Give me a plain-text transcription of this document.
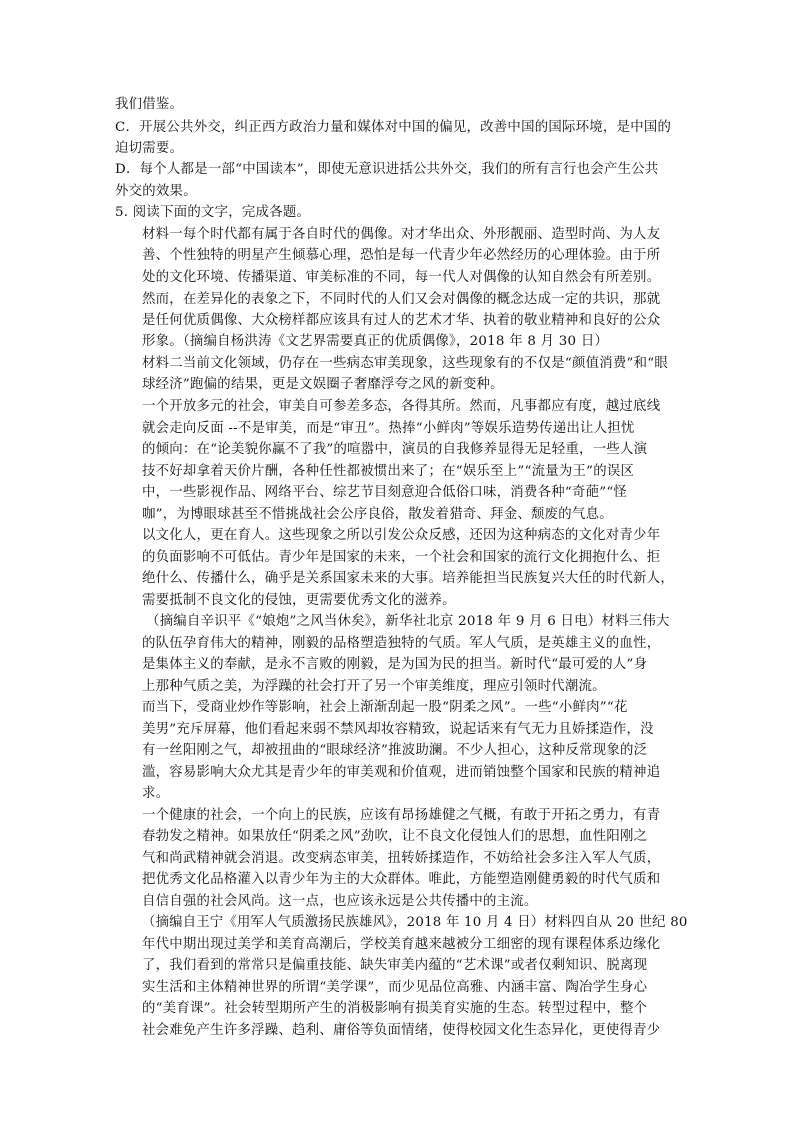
我们借鉴。
C．开展公共外交，纠正西方政治力量和媒体对中国的偏见，改善中国的国际环境，是中国的
迫切需要。
D．每个人都是一部“中国读本”，即使无意识进括公共外交，我们的所有言行也会产生公共
外交的效果。
5. 阅读下面的文字，完成各题。
材料一每个时代都有属于各自时代的偶像。对才华出众、外形靓丽、造型时尚、为人友
善、个性独特的明星产生倾慕心理，恐怕是每一代青少年必然经历的心理体验。由于所
处的文化环境、传播渠道、审美标准的不同，每一代人对偶像的认知自然会有所差别。
然而，在差异化的表象之下，不同时代的人们又会对偶像的概念达成一定的共识，那就
是任何优质偶像、大众榜样都应该具有过人的艺术才华、执着的敬业精神和良好的公众
形象。（摘编自杨洪涛《文艺界需要真正的优质偶像》，2018 年 8 月 30 日）
材料二当前文化领域，仍存在一些病态审美现象，这些现象有的不仅是“颜值消费”和“眼
球经济”跑偏的结果，更是文娱圈子奢靡浮夸之风的新变种。
一个开放多元的社会，审美自可参差多态，各得其所。然而，凡事都应有度，越过底线
就会走向反面 --不是审美，而是“审丑”。热捧“小鲜肉”等娱乐造势传递出让人担忧
的倾向：在“论美貌你赢不了我”的喧嚣中，演员的自我修养显得无足轻重，一些人演
技不好却拿着天价片酬，各种任性都被惯出来了；在“娱乐至上”“流量为王”的误区
中，一些影视作品、网络平台、综艺节目刻意迎合低俗口味，消费各种“奇葩”“怪
咖”，为博眼球甚至不惜挑战社会公序良俗，散发着猎奇、拜金、颓废的气息。
以文化人，更在育人。这些现象之所以引发公众反感，还因为这种病态的文化对青少年
的负面影响不可低估。青少年是国家的未来，一个社会和国家的流行文化拥抱什么、拒
绝什么、传播什么，确乎是关系国家未来的大事。培养能担当民族复兴大任的时代新人，
需要抵制不良文化的侵蚀，更需要优秀文化的滋养。
（摘编自辛识平《“娘炮”之风当休矣》，新华社北京 2018 年 9 月 6 日电）材料三伟大
的队伍孕育伟大的精神，刚毅的品格塑造独特的气质。军人气质，是英雄主义的血性，
是集体主义的奉献，是永不言败的刚毅，是为国为民的担当。新时代“最可爱的人”身
上那种气质之美，为浮躁的社会打开了另一个审美维度，理应引领时代潮流。
而当下，受商业炒作等影响，社会上渐渐刮起一股“阴柔之风”。一些“小鲜肉”“花
美男”充斥屏幕，他们看起来弱不禁风却妆容精致，说起话来有气无力且娇揉造作，没
有一丝阳刚之气，却被扭曲的“眼球经济”推波助澜。不少人担心，这种反常现象的泛
滥，容易影响大众尤其是青少年的审美观和价值观，进而销蚀整个国家和民族的精神追
求。
一个健康的社会，一个向上的民族，应该有昂扬雄健之气概，有敢于开拓之勇力，有青
春勃发之精神。如果放任“阴柔之风”劲吹，让不良文化侵蚀人们的思想，血性阳刚之
气和尚武精神就会消退。改变病态审美，扭转娇揉造作，不妨给社会多注入军人气质，
把优秀文化品格灌入以青少年为主的大众群体。唯此，方能塑造刚健勇毅的时代气质和
自信自强的社会风尚。这一点，也应该永远是公共传播中的主流。
（摘编自王宁《用军人气质激扬民族雄风》，2018 年 10 月 4 日）材料四自从 20 世纪 80
年代中期出现过美学和美育高潮后，学校美育越来越被分工细密的现有课程体系边缘化
了，我们看到的常常只是偏重技能、缺失审美内蕴的“艺术课”或者仅剩知识、脱离现
实生活和主体精神世界的所谓“美学课”，而少见品位高雅、内涵丰富、陶冶学生身心
的“美育课”。社会转型期所产生的消极影响有损美育实施的生态。转型过程中，整个
社会难免产生许多浮躁、趋利、庸俗等负面情绪，使得校园文化生态异化，更使得青少
